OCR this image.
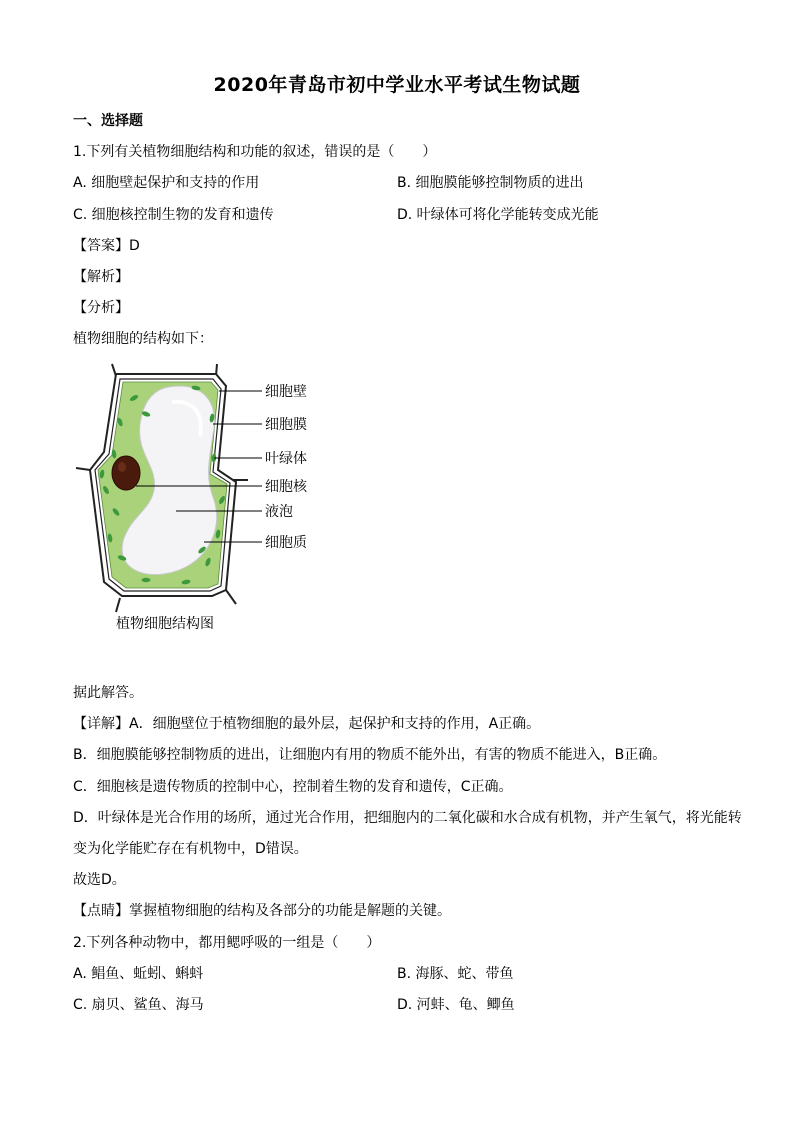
2020年青岛市初中学业水平考试生物试题
一、选择题
1.下列有关植物细胞结构和功能的叙述，错误的是（　　）
A. 细胞壁起保护和支持的作用	B. 细胞膜能够控制物质的进出
C. 细胞核控制生物的发育和遗传	D. 叶绿体可将化学能转变成光能
【答案】D
【解析】
【分析】
植物细胞的结构如下：
细胞壁
细胞膜
叶绿体
细胞核
液泡
细胞质
植物细胞结构图
据此解答。
【详解】A．细胞壁位于植物细胞的最外层，起保护和支持的作用，A正确。
B．细胞膜能够控制物质的进出，让细胞内有用的物质不能外出，有害的物质不能进入，B正确。
C．细胞核是遗传物质的控制中心，控制着生物的发育和遗传，C正确。
D．叶绿体是光合作用的场所，通过光合作用，把细胞内的二氧化碳和水合成有机物，并产生氧气，将光能转
变为化学能贮存在有机物中，D错误。
故选D。
【点睛】掌握植物细胞的结构及各部分的功能是解题的关键。
2.下列各种动物中，都用鳃呼吸的一组是（　　）
A. 鲳鱼、蚯蚓、蝌蚪	B. 海豚、蛇、带鱼
C. 扇贝、鲨鱼、海马	D. 河蚌、龟、鲫鱼
